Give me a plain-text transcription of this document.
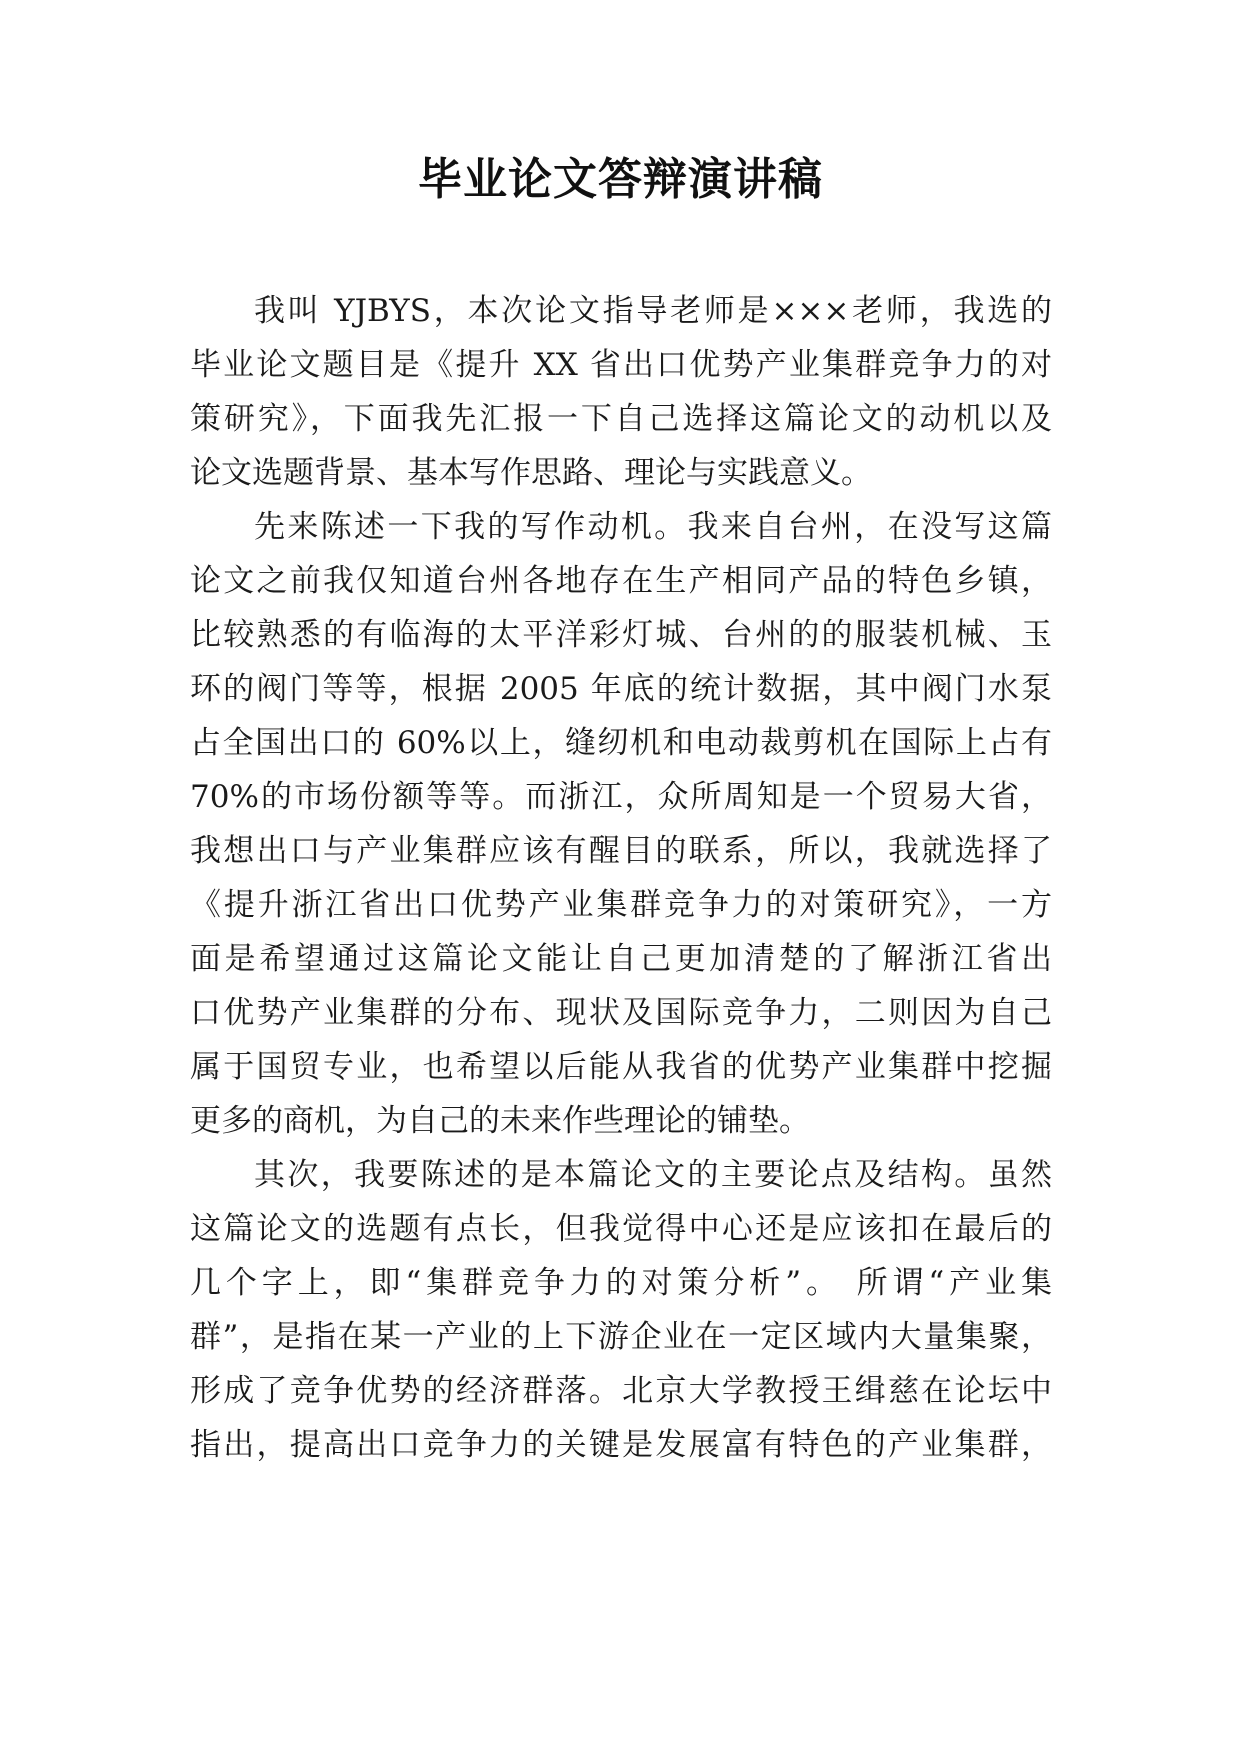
毕业论文答辩演讲稿
我叫 YJBYS，本次论文指导老师是×××老师，我选的
毕业论文题目是《提升 XX 省出口优势产业集群竞争力的对
策研究》，下面我先汇报一下自己选择这篇论文的动机以及
论文选题背景、基本写作思路、理论与实践意义。
先来陈述一下我的写作动机。我来自台州，在没写这篇
论文之前我仅知道台州各地存在生产相同产品的特色乡镇，
比较熟悉的有临海的太平洋彩灯城、台州的的服装机械、玉
环的阀门等等，根据 2005 年底的统计数据，其中阀门水泵
占全国出口的 60%以上，缝纫机和电动裁剪机在国际上占有
70%的市场份额等等。而浙江，众所周知是一个贸易大省，
我想出口与产业集群应该有醒目的联系，所以，我就选择了
《提升浙江省出口优势产业集群竞争力的对策研究》，一方
面是希望通过这篇论文能让自己更加清楚的了解浙江省出
口优势产业集群的分布、现状及国际竞争力，二则因为自己
属于国贸专业，也希望以后能从我省的优势产业集群中挖掘
更多的商机，为自己的未来作些理论的铺垫。
其次，我要陈述的是本篇论文的主要论点及结构。虽然
这篇论文的选题有点长，但我觉得中心还是应该扣在最后的
几个字上，即“集群竞争力的对策分析”。 所谓“产业集
群”，是指在某一产业的上下游企业在一定区域内大量集聚，
形成了竞争优势的经济群落。北京大学教授王缉慈在论坛中
指出，提高出口竞争力的关键是发展富有特色的产业集群，
